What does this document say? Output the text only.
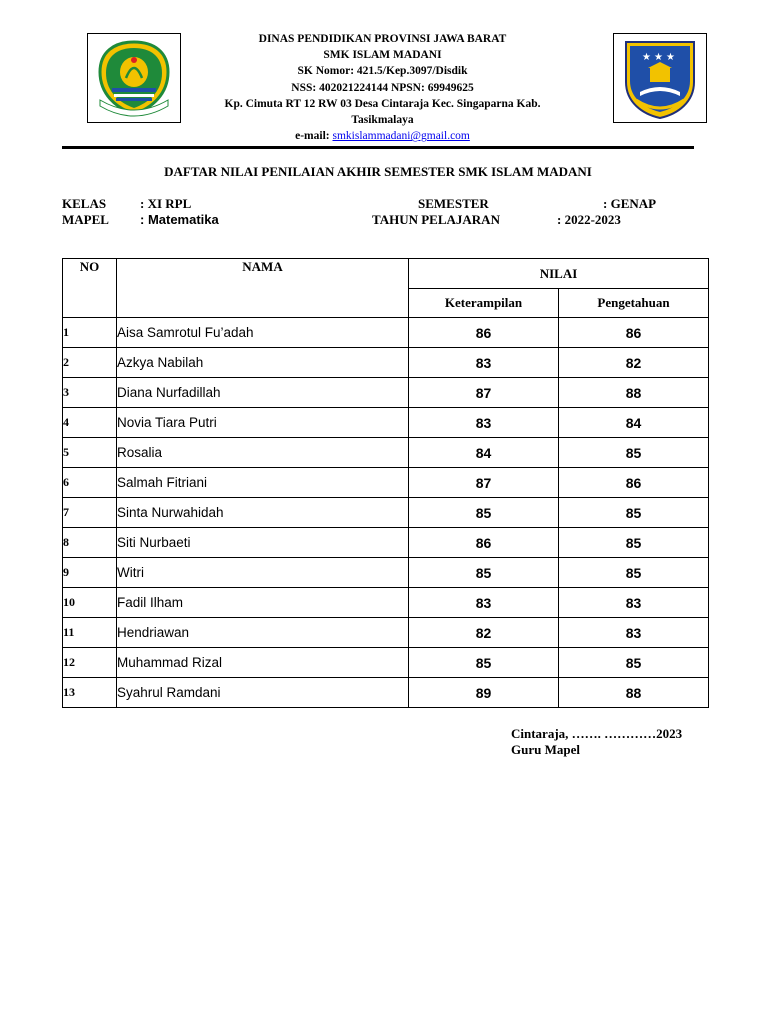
DINAS PENDIDIKAN PROVINSI JAWA BARAT
SMK ISLAM MADANI
SK Nomor: 421.5/Kep.3097/Disdik
NSS: 402021224144 NPSN: 69949625
Kp. Cimuta RT 12 RW 03 Desa Cintaraja Kec. Singaparna Kab.
Tasikmalaya
e-mail: smkislammadani@gmail.com
★ ★ ★
DAFTAR NILAI PENILAIAN AKHIR SEMESTER SMK ISLAM MADANI
KELAS	: XI RPL
MAPEL : Matematika
SEMESTER	: GENAP
TAHUN PELAJARAN	: 2022-2023
NO	NAMA	NILAI	
		Keterampilan	Pengetahuan
1	Aisa Samrotul Fu’adah	86	86
2	Azkya Nabilah	83	82
3	Diana Nurfadillah	87	88
4	Novia Tiara Putri	83	84
5	Rosalia	84	85
6	Salmah Fitriani	87	86
7	Sinta Nurwahidah	85	85
8	Siti Nurbaeti	86	85
9	Witri	85	85
10	Fadil Ilham	83	83
11	Hendriawan	82	83
12	Muhammad Rizal	85	85
13	Syahrul Ramdani	89	88
Cintaraja, ……. …………2023
Guru Mapel
